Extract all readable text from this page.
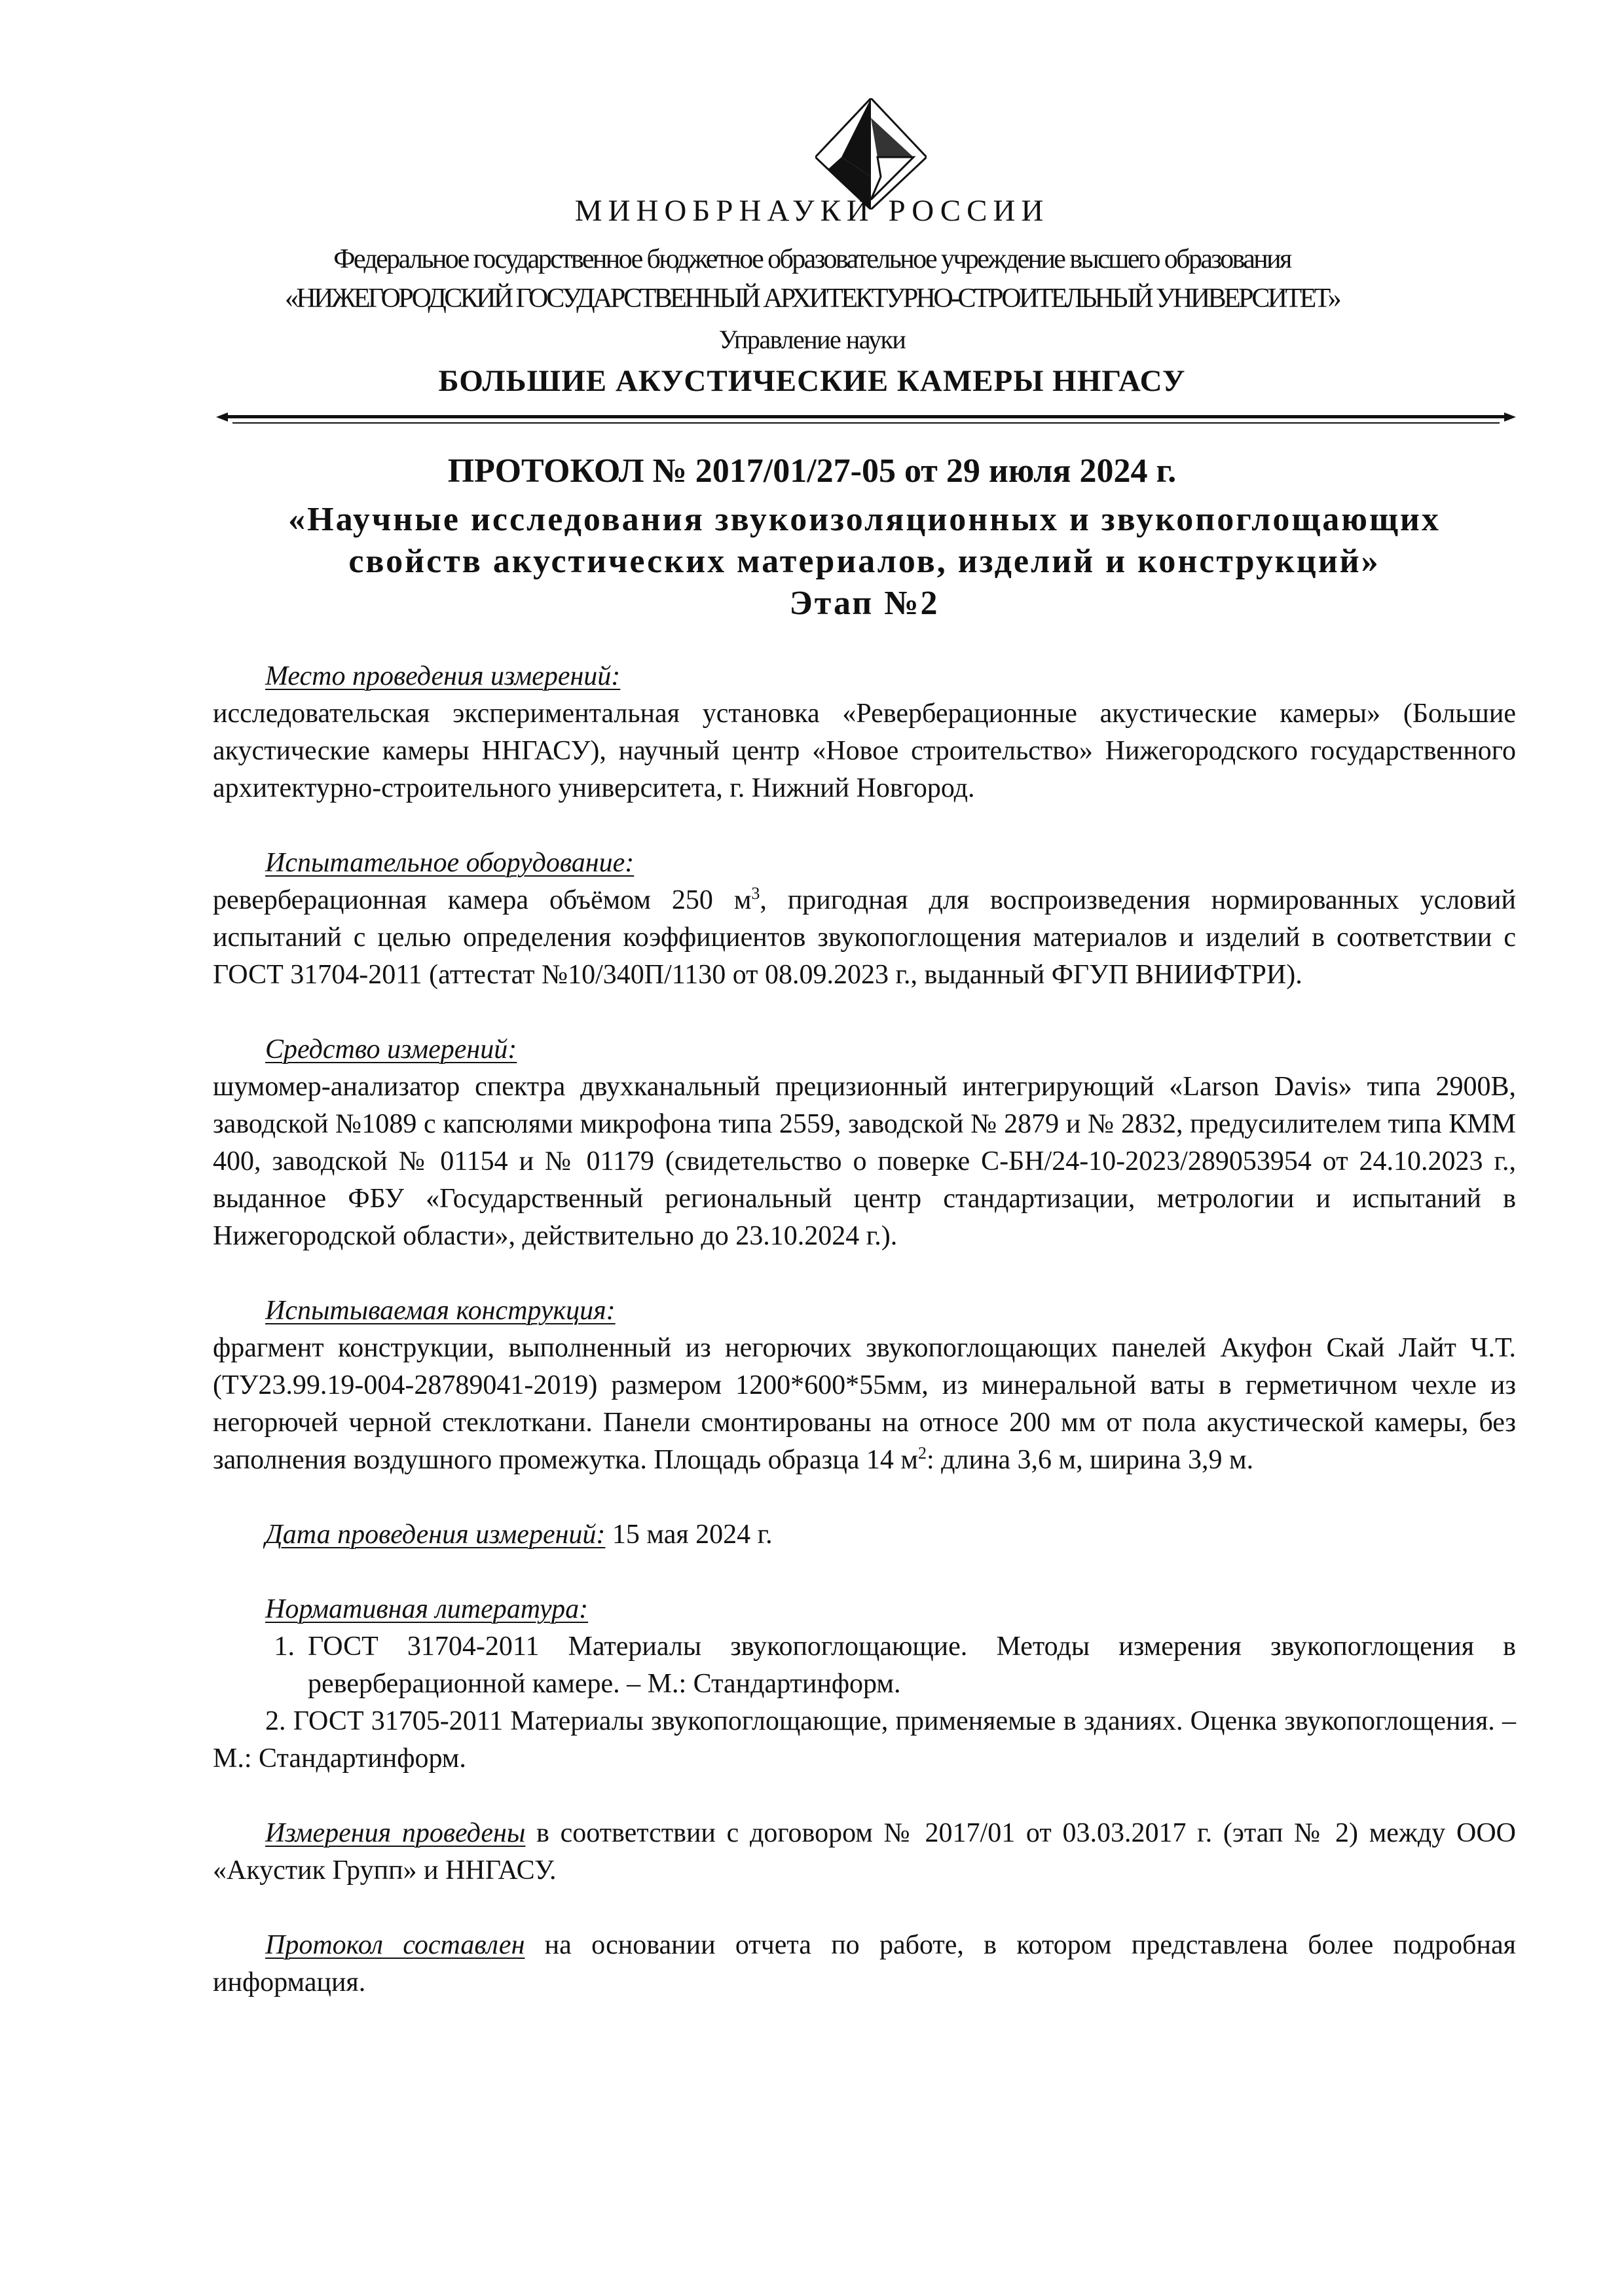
МИНОБРНАУКИ РОССИИ
Федеральное государственное бюджетное образовательное учреждение высшего образования
«НИЖЕГОРОДСКИЙ ГОСУДАРСТВЕННЫЙ АРХИТЕКТУРНО-СТРОИТЕЛЬНЫЙ УНИВЕРСИТЕТ»
Управление науки
БОЛЬШИЕ АКУСТИЧЕСКИЕ КАМЕРЫ ННГАСУ
ПРОТОКОЛ № 2017/01/27-05 от 29 июля 2024 г.
«Научные исследования звукоизоляционных и звукопоглощающих
свойств акустических материалов, изделий и конструкций»
Этап №2
Место проведения измерений:

исследовательская экспериментальная установка «Реверберационные акустические камеры» (Большие акустические камеры ННГАСУ), научный центр «Новое строительство» Нижегородского государственного архитектурно-строительного университета, г. Нижний Новгород.

Испытательное оборудование:

реверберационная камера объёмом 250 $м^3$, пригодная для воспроизведения нормированных условий испытаний с целью определения коэффициентов звукопоглощения материалов и изделий в соответствии с ГОСТ 31704-2011 (аттестат №10/340П/1130 от 08.09.2023 г., выданный ФГУП ВНИИФТРИ).

Средство измерений:

шумомер-анализатор спектра двухканальный прецизионный интегрирующий «Larson Davis» типа 2900B, заводской №1089 с капсюлями микрофона типа 2559, заводской № 2879 и № 2832, предусилителем типа КММ 400, заводской № 01154 и № 01179 (свидетельство о поверке С-БН/24-10-2023/289053954 от 24.10.2023 г., выданное ФБУ «Государственный региональный центр стандартизации, метрологии и испытаний в Нижегородской области», действительно до 23.10.2024 г.).

Испытываемая конструкция:

фрагмент конструкции, выполненный из негорючих звукопоглощающих панелей Акуфон Скай Лайт Ч.Т. (ТУ23.99.19-004-28789041-2019) размером 1200*600*55мм, из минеральной ваты в герметичном чехле из негорючей черной стеклоткани. Панели смонтированы на относе 200 мм от пола акустической камеры, без заполнения воздушного промежутка. Площадь образца 14 $м^2$: длина 3,6 м, ширина 3,9 м.

Дата проведения измерений: 15 мая 2024 г.

Нормативная литература:
1. ГОСТ 31704-2011 Материалы звукопоглощающие. Методы измерения звукопоглощения в реверберационной камере. – М.: Стандартинформ.

2. ГОСТ 31705-2011 Материалы звукопоглощающие, применяемые в зданиях. Оценка звукопоглощения. – М.: Стандартинформ.

Измерения проведены в соответствии с договором № 2017/01 от 03.03.2017 г. (этап № 2) между ООО «Акустик Групп» и ННГАСУ.

Протокол составлен на основании отчета по работе, в котором представлена более подробная информация.
